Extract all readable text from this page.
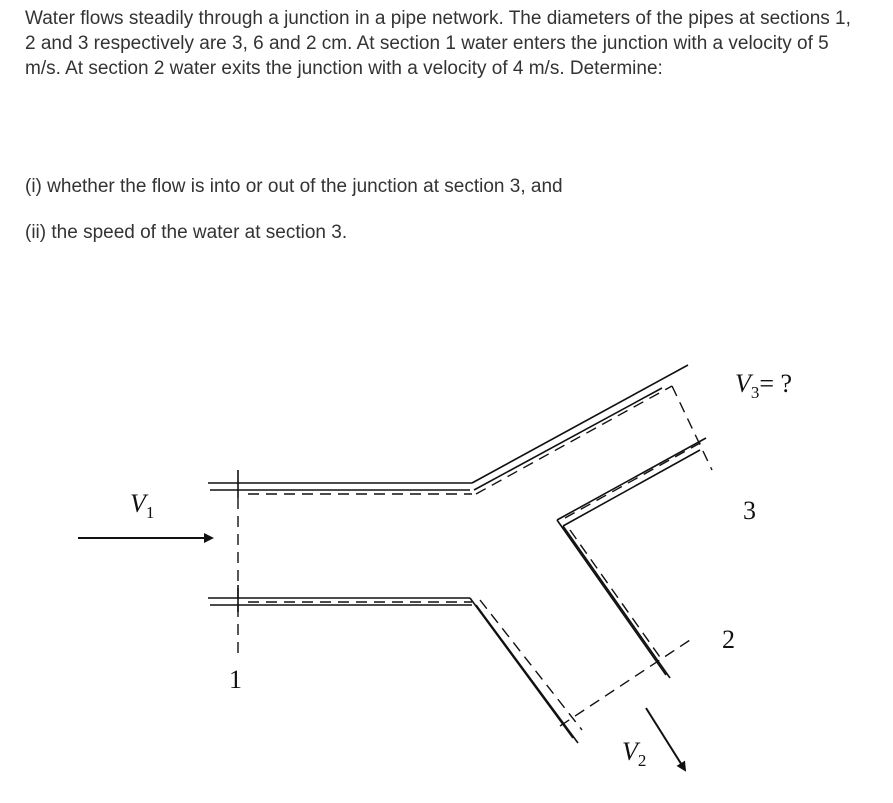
Water flows steadily through a junction in a pipe network. The diameters of the pipes at sections 1, 2 and 3 respectively are 3, 6 and 2 cm. At section 1 water enters the junction with a velocity of 5 m/s. At section 2 water exits the junction with a velocity of 4 m/s. Determine:

(i) whether the flow is into or out of the junction at section 3, and

(ii) the speed of the water at section 3.

$V_1$
$V_2$
$V_3=$ ?
1
2
3
